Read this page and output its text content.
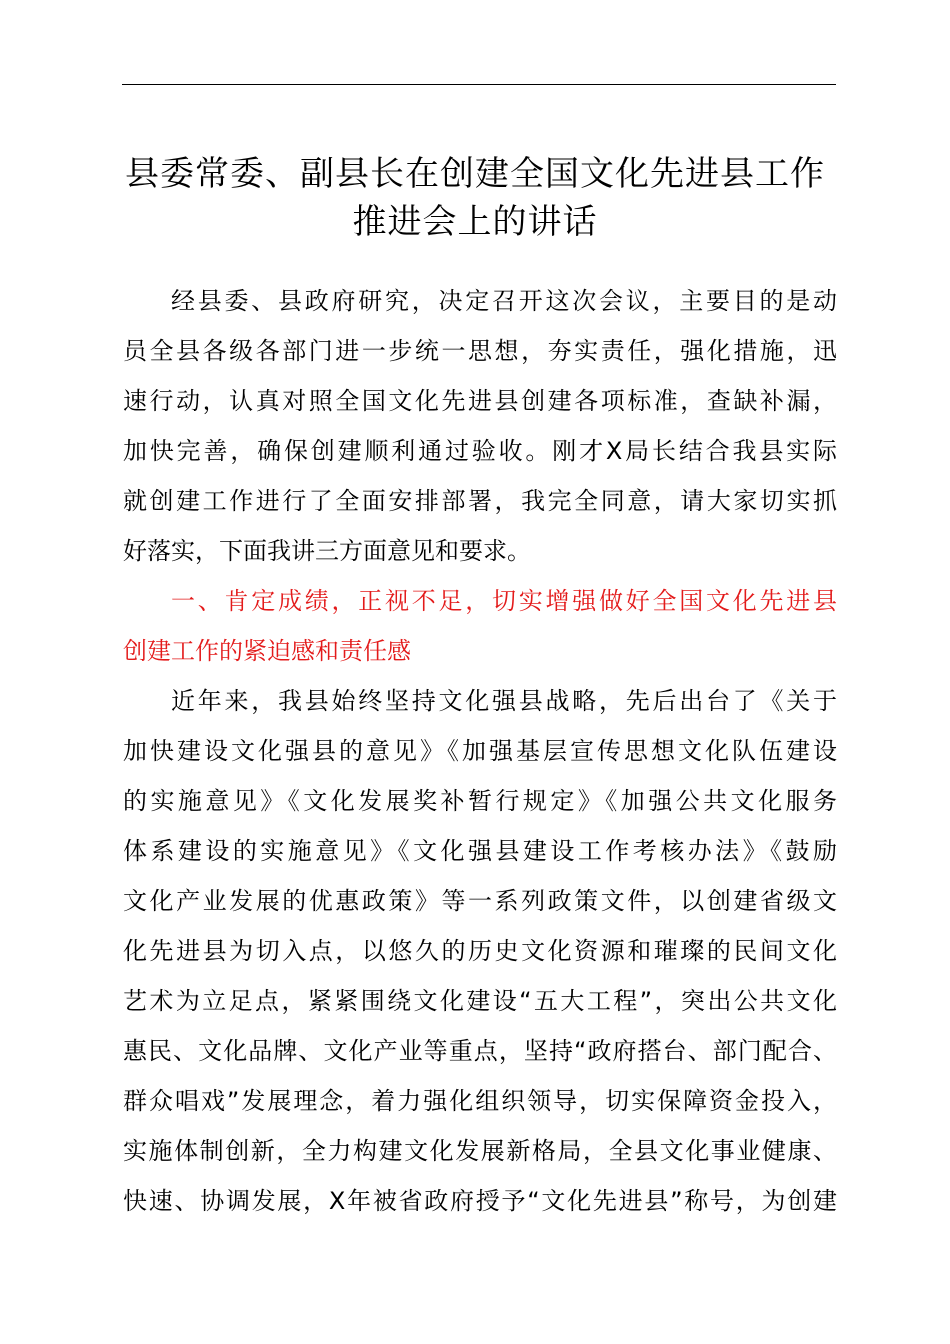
县委常委、副县长在创建全国文化先进县工作
推进会上的讲话
经县委、县政府研究，决定召开这次会议，主要目的是动
员全县各级各部门进一步统一思想，夯实责任，强化措施，迅
速行动，认真对照全国文化先进县创建各项标准，查缺补漏，
加快完善，确保创建顺利通过验收。刚才X局长结合我县实际
就创建工作进行了全面安排部署，我完全同意，请大家切实抓
好落实，下面我讲三方面意见和要求。
一、肯定成绩，正视不足，切实增强做好全国文化先进县
创建工作的紧迫感和责任感
近年来，我县始终坚持文化强县战略，先后出台了《关于
加快建设文化强县的意见》《加强基层宣传思想文化队伍建设
的实施意见》《文化发展奖补暂行规定》《加强公共文化服务
体系建设的实施意见》《文化强县建设工作考核办法》《鼓励
文化产业发展的优惠政策》等一系列政策文件，以创建省级文
化先进县为切入点，以悠久的历史文化资源和璀璨的民间文化
艺术为立足点，紧紧围绕文化建设“五大工程”，突出公共文化
惠民、文化品牌、文化产业等重点，坚持“政府搭台、部门配合、
群众唱戏”发展理念，着力强化组织领导，切实保障资金投入，
实施体制创新，全力构建文化发展新格局，全县文化事业健康、
快速、协调发展，X年被省政府授予“文化先进县”称号，为创建
